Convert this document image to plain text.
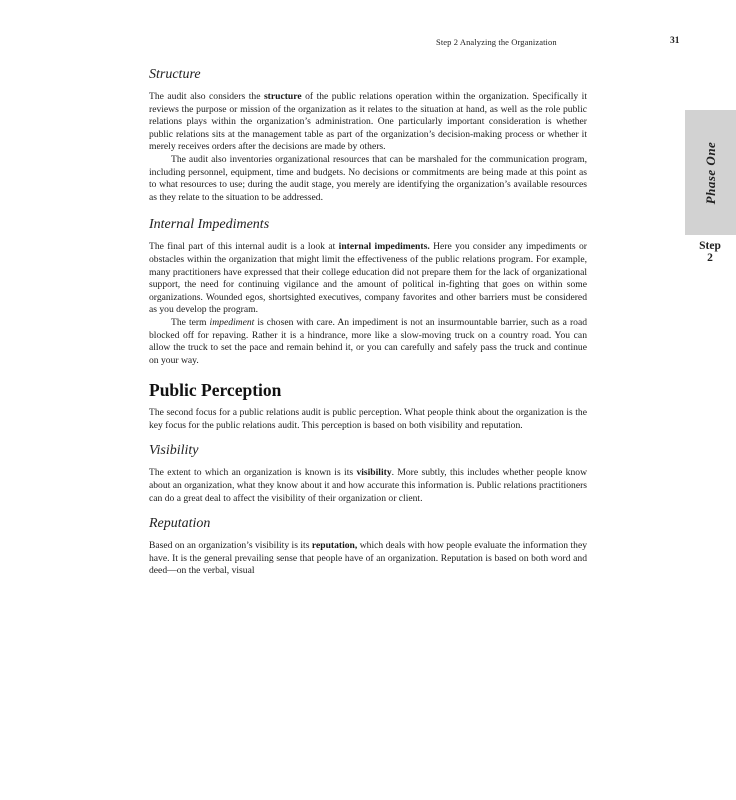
Step 2 Analyzing the Organization	31
Phase One
Step
2
Structure

The audit also considers the structure of the public relations operation within the organization. Specifically it reviews the purpose or mission of the organization as it relates to the situation at hand, as well as the role public relations plays within the organization’s administration. One particularly important consideration is whether public relations sits at the management table as part of the organization’s decision-making process or whether it merely receives orders after the decisions are made by others.

The audit also inventories organizational resources that can be marshaled for the communication program, including personnel, equipment, time and budgets. No decisions or commitments are being made at this point as to what resources to use; during the audit stage, you merely are identifying the organization’s available resources as they relate to the situation to be addressed.

Internal Impediments

The final part of this internal audit is a look at internal impediments. Here you consider any impediments or obstacles within the organization that might limit the effectiveness of the public relations program. For example, many practitioners have expressed that their college education did not prepare them for the lack of organizational support, the need for continuing vigilance and the amount of political in-fighting that goes on within some organizations. Wounded egos, shortsighted executives, company favorites and other barriers must be considered as you develop the program.

The term impediment is chosen with care. An impediment is not an insurmountable barrier, such as a road blocked off for repaving. Rather it is a hindrance, more like a slow-moving truck on a country road. You can allow the truck to set the pace and remain behind it, or you can carefully and safely pass the truck and continue on your way.

Public Perception

The second focus for a public relations audit is public perception. What people think about the organization is the key focus for the public relations audit. This perception is based on both visibility and reputation.

Visibility

The extent to which an organization is known is its visibility. More subtly, this includes whether people know about an organization, what they know about it and how accurate this information is. Public relations practitioners can do a great deal to affect the visibility of their organization or client.

Reputation

Based on an organization’s visibility is its reputation, which deals with how people evaluate the information they have. It is the general prevailing sense that people have of an organization. Reputation is based on both word and deed—on the verbal, visual
